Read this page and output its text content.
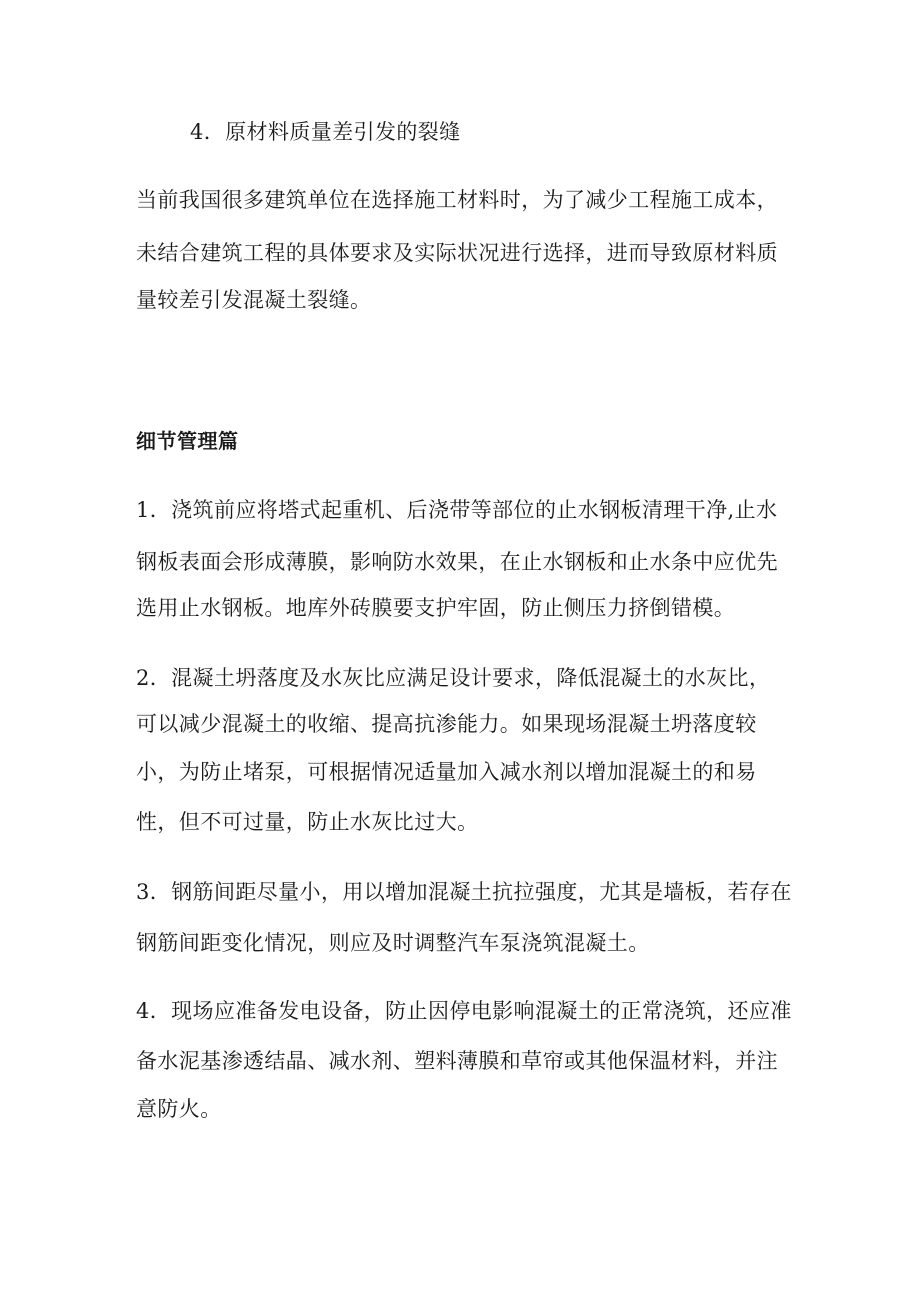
4．原材料质量差引发的裂缝
当前我国很多建筑单位在选择施工材料时，为了减少工程施工成本，
未结合建筑工程的具体要求及实际状况进行选择，进而导致原材料质
量较差引发混凝土裂缝。
细节管理篇
1．浇筑前应将塔式起重机、后浇带等部位的止水钢板清理干净,止水
钢板表面会形成薄膜，影响防水效果，在止水钢板和止水条中应优先
选用止水钢板。地库外砖膜要支护牢固，防止侧压力挤倒错模。
2．混凝土坍落度及水灰比应满足设计要求，降低混凝土的水灰比，
可以减少混凝土的收缩、提高抗渗能力。如果现场混凝土坍落度较
小，为防止堵泵，可根据情况适量加入减水剂以增加混凝土的和易
性，但不可过量，防止水灰比过大。
3．钢筋间距尽量小，用以增加混凝土抗拉强度，尤其是墙板，若存在
钢筋间距变化情况，则应及时调整汽车泵浇筑混凝土。
4．现场应准备发电设备，防止因停电影响混凝土的正常浇筑，还应准
备水泥基渗透结晶、减水剂、塑料薄膜和草帘或其他保温材料，并注
意防火。
